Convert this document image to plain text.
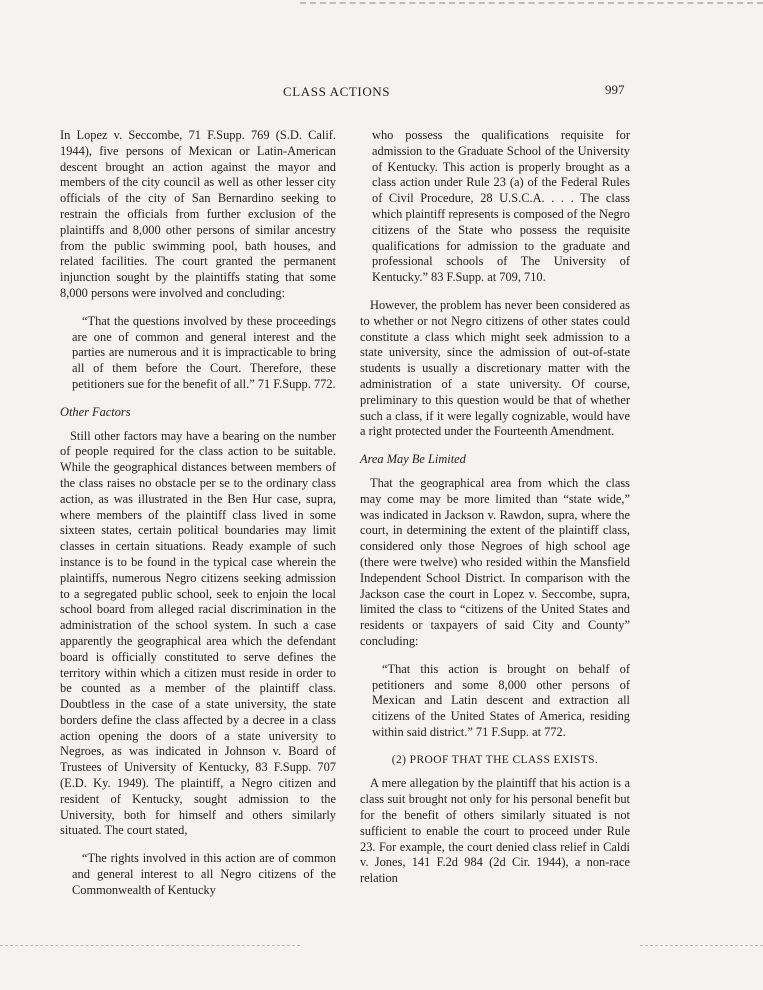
CLASS ACTIONS	997

In Lopez v. Seccombe, 71 F.Supp. 769 (S.D. Calif. 1944), five persons of Mexican or Latin-American descent brought an action against the mayor and members of the city council as well as other lesser city officials of the city of San Bernardino seeking to restrain the officials from further exclusion of the plaintiffs and 8,000 other persons of similar ancestry from the public swimming pool, bath houses, and related facilities. The court granted the permanent injunction sought by the plaintiffs stating that some 8,000 persons were involved and concluding:

“That the questions involved by these proceedings are one of common and general interest and the parties are numerous and it is impracticable to bring all of them before the Court. Therefore, these petitioners sue for the benefit of all.” 71 F.Supp. 772.

Other Factors

Still other factors may have a bearing on the number of people required for the class action to be suitable. While the geographical distances between members of the class raises no obstacle per se to the ordinary class action, as was illustrated in the Ben Hur case, supra, where members of the plaintiff class lived in some sixteen states, certain political boundaries may limit classes in certain situations. Ready example of such instance is to be found in the typical case wherein the plaintiffs, numerous Negro citizens seeking admission to a segregated public school, seek to enjoin the local school board from alleged racial discrimination in the administration of the school system. In such a case apparently the geographical area which the defendant board is officially constituted to serve defines the territory within which a citizen must reside in order to be counted as a member of the plaintiff class. Doubtless in the case of a state university, the state borders define the class affected by a decree in a class action opening the doors of a state university to Negroes, as was indicated in Johnson v. Board of Trustees of University of Kentucky, 83 F.Supp. 707 (E.D. Ky. 1949). The plaintiff, a Negro citizen and resident of Kentucky, sought admission to the University, both for himself and others similarly situated. The court stated,

“The rights involved in this action are of common and general interest to all Negro citizens of the Commonwealth of Kentucky

who possess the qualifications requisite for admission to the Graduate School of the University of Kentucky. This action is properly brought as a class action under Rule 23 (a) of the Federal Rules of Civil Procedure, 28 U.S.C.A. . . . The class which plaintiff represents is composed of the Negro citizens of the State who possess the requisite qualifications for admission to the graduate and professional schools of The University of Kentucky.” 83 F.Supp. at 709, 710.

However, the problem has never been considered as to whether or not Negro citizens of other states could constitute a class which might seek admission to a state university, since the admission of out-of-state students is usually a discretionary matter with the administration of a state university. Of course, preliminary to this question would be that of whether such a class, if it were legally cognizable, would have a right protected under the Fourteenth Amendment.

Area May Be Limited

That the geographical area from which the class may come may be more limited than “state wide,” was indicated in Jackson v. Rawdon, supra, where the court, in determining the extent of the plaintiff class, considered only those Negroes of high school age (there were twelve) who resided within the Mansfield Independent School District. In comparison with the Jackson case the court in Lopez v. Seccombe, supra, limited the class to “citizens of the United States and residents or taxpayers of said City and County” concluding:

“That this action is brought on behalf of petitioners and some 8,000 other persons of Mexican and Latin descent and extraction all citizens of the United States of America, residing within said district.” 71 F.Supp. at 772.

(2) PROOF THAT THE CLASS EXISTS.

A mere allegation by the plaintiff that his action is a class suit brought not only for his personal benefit but for the benefit of others similarly situated is not sufficient to enable the court to proceed under Rule 23. For example, the court denied class relief in Caldi v. Jones, 141 F.2d 984 (2d Cir. 1944), a non-race relation
